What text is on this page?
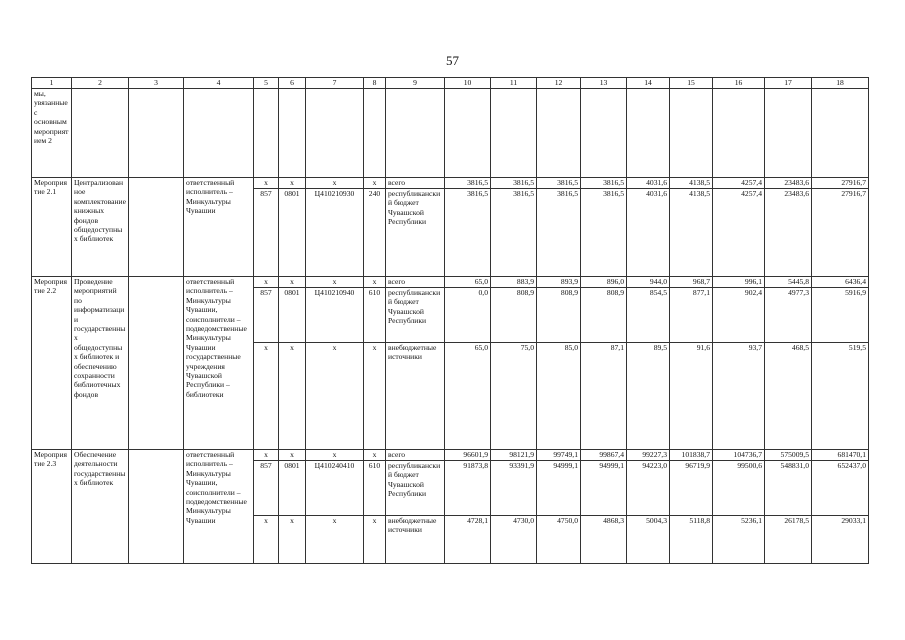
57
1	2	3	4	5	6	7	8	9	10	11	12	13	14	15	16	17	18
мы, увязанные с основным мероприятием 2																	
Мероприятие 2.1	Централизованное комплектование книжных фондов общедоступных библиотек		ответственный исполнитель – Минкультуры Чувашии	x	x	x	x	всего	3816,5	3816,5	3816,5	3816,5	4031,6	4138,5	4257,4	23483,6	27916,7
				857	0801	Ц410210930	240	республиканский бюджет Чувашской Республики	3816,5	3816,5	3816,5	3816,5	4031,6	4138,5	4257,4	23483,6	27916,7
Мероприятие 2.2	Проведение мероприятий по информатизации государственных общедоступных библиотек и обеспечению сохранности библиотечных фондов		ответственный исполнитель – Минкультуры Чувашии, соисполнители – подведомственные Минкультуры Чувашии государственные учреждения Чувашской Республики – библиотеки	x	x	x	x	всего	65,0	883,9	893,9	896,0	944,0	968,7	996,1	5445,8	6436,4
				857	0801	Ц410210940	610	республиканский бюджет Чувашской Республики	0,0	808,9	808,9	808,9	854,5	877,1	902,4	4977,3	5916,9
				x	x	x	x	внебюджетные источники	65,0	75,0	85,0	87,1	89,5	91,6	93,7	468,5	519,5
Мероприятие 2.3	Обеспечение деятельности государственных библиотек		ответственный исполнитель – Минкультуры Чувашии, соисполнители – подведомственные Минкультуры Чувашии	x	x	x	x	всего	96601,9	98121,9	99749,1	99867,4	99227,3	101838,7	104736,7	575009,5	681470,1
				857	0801	Ц410240410	610	республиканский бюджет Чувашской Республики	91873,8	93391,9	94999,1	94999,1	94223,0	96719,9	99500,6	548831,0	652437,0
				x	x	x	x	внебюджетные источники	4728,1	4730,0	4750,0	4868,3	5004,3	5118,8	5236,1	26178,5	29033,1
